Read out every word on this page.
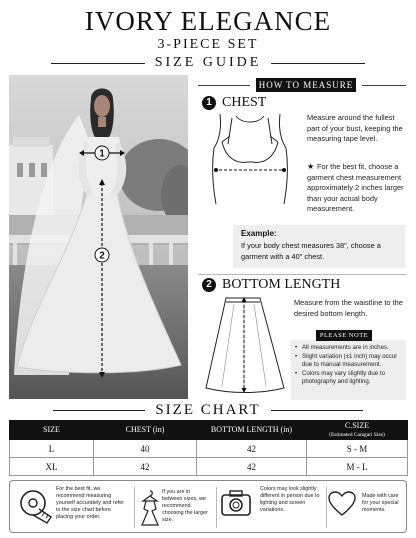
IVORY ELEGANCE
3-PIECE SET
SIZE GUIDE
1
2
HOW TO MEASURE
1 CHEST
Measure around the fullest part of your bust, keeping the measuring tape level.
★ For the best fit, choose a garment chest measurement approximately 2 inches larger than your actual body measurement.
Example:
If your body chest measures 38", choose a garment with a 40" chest.
2 BOTTOM LENGTH
Measure from the waistline to the desired bottom length.
PLEASE NOTE
• All measurements are in inches.
• Slight variation (±1 inch) may occur due to manual measurement.
• Colors may vary slightly due to photography and lighting.
SIZE CHART
SIZE	CHEST (in)	BOTTOM LENGTH (in)	C.SIZE
(Estimated Caragari Size)

L	40	42	S - M
XL	42	42	M - L
For the best fit, we recommend measuring yourself accurately and refer to the size chart before placing your order.
If you are in between sizes, we recommend choosing the larger size.
Colors may look slightly different in person due to lighting and screen variations.
Made with care for your special moments.
